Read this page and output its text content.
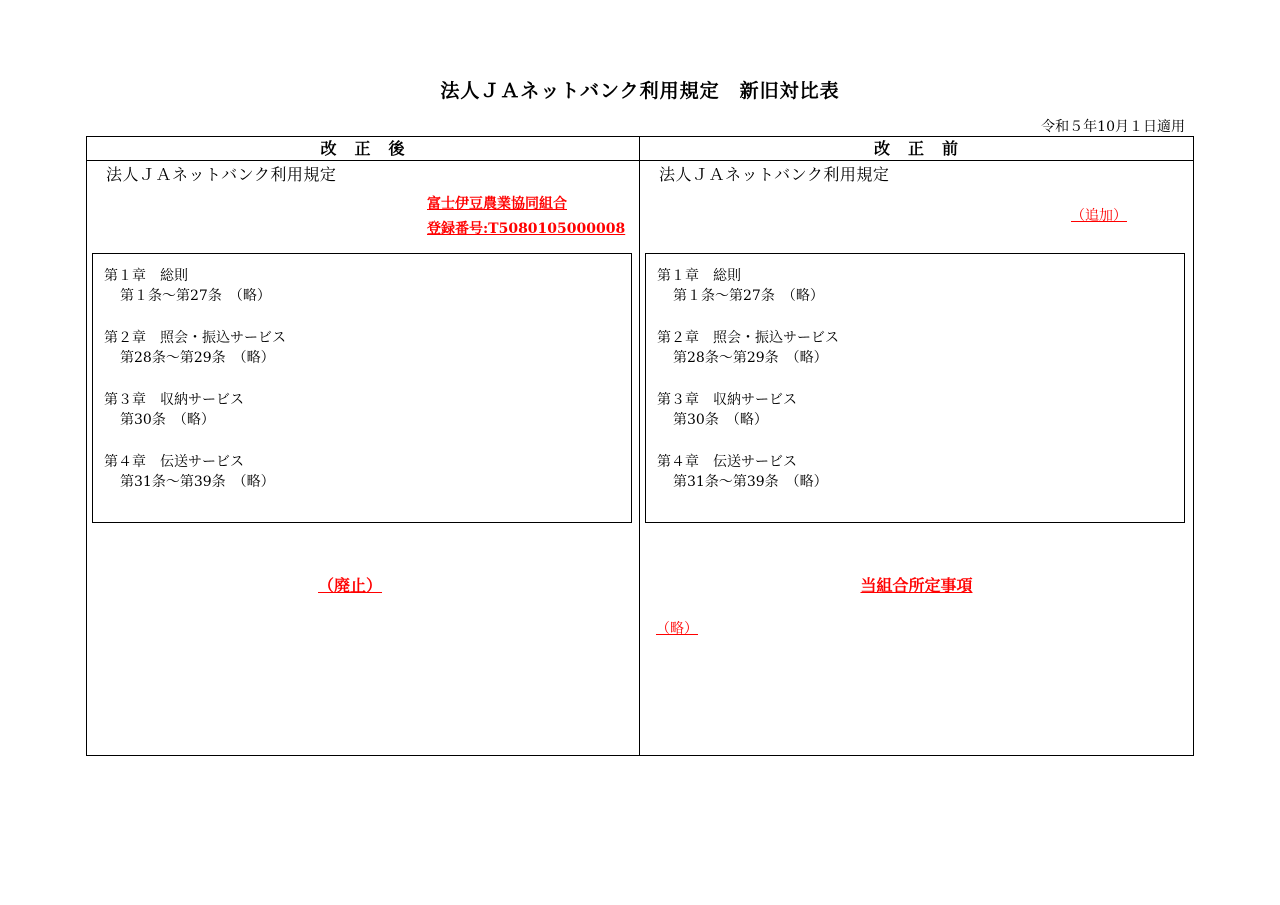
法人ＪＡネットバンク利用規定　新旧対比表
令和５年10月１日適用
改　正　後	改　正　前
法人ＪＡネットバンク利用規定
富士伊豆農業協同組合
登録番号:T5080105000008
第１章　総則
第１条～第27条　（略）
第２章　照会・振込サービス
第28条～第29条　（略）
第３章　収納サービス
第30条　（略）
第４章　伝送サービス
第31条～第39条　（略）
（廃止）
法人ＪＡネットバンク利用規定
（追加）
第１章　総則
第１条～第27条　（略）
第２章　照会・振込サービス
第28条～第29条　（略）
第３章　収納サービス
第30条　（略）
第４章　伝送サービス
第31条～第39条　（略）
当組合所定事項
（略）
